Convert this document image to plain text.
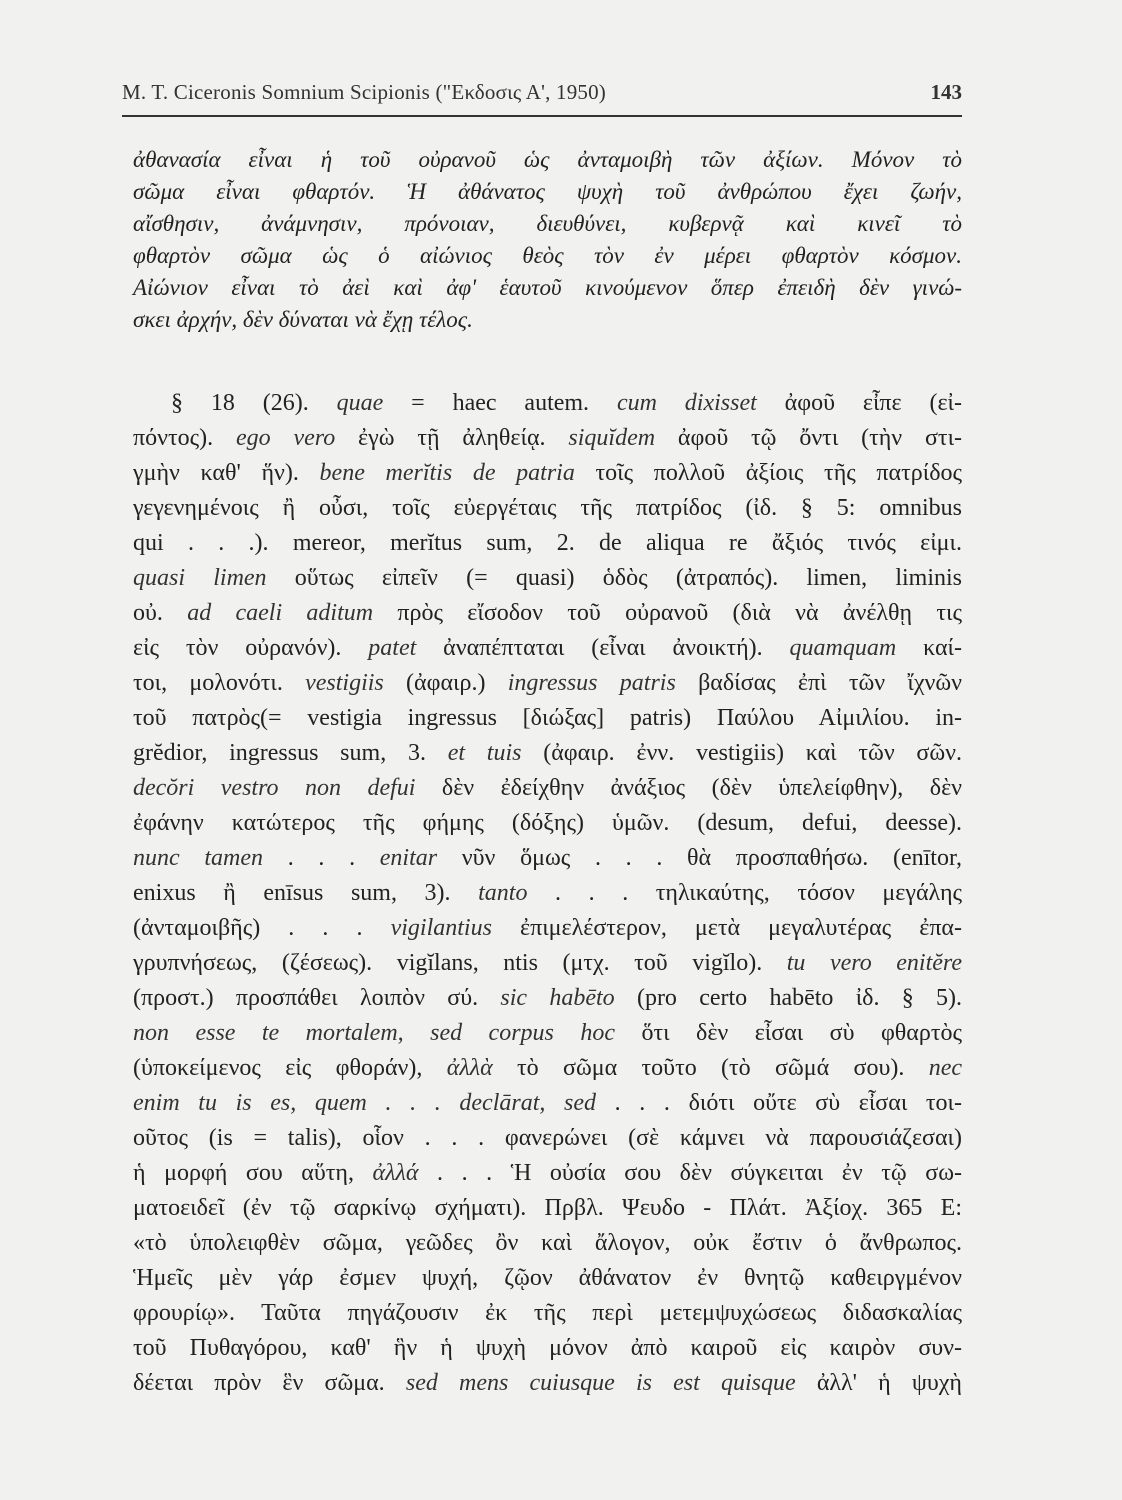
M. T. Ciceronis Somnium Scipionis ("Εκδοσις Α', 1950)	143
ἀθανασία εἶναι ἡ τοῦ οὐρανοῦ ὡς ἀνταμοιβὴ τῶν ἀξίων. Μόνον τὸ
σῶμα εἶναι φθαρτόν. Ἡ ἀθάνατος ψυχὴ τοῦ ἀνθρώπου ἔχει ζωήν,
αἴσθησιν, ἀνάμνησιν, πρόνοιαν, διευθύνει, κυβερνᾷ καὶ κινεῖ τὸ
φθαρτὸν σῶμα ὡς ὁ αἰώνιος θεὸς τὸν ἐν μέρει φθαρτὸν κόσμον.
Αἰώνιον εἶναι τὸ ἀεὶ καὶ ἀφ' ἑαυτοῦ κινούμενον ὅπερ ἐπειδὴ δὲν γινώ-
σκει ἀρχήν, δὲν δύναται νὰ ἔχῃ τέλος.
§ 18 (26). quae = haec autem. cum dixisset ἀφοῦ εἶπε (εἰ-
πόντος). ego vero ἐγὼ τῇ ἀληθείᾳ. siquĭdem ἀφοῦ τῷ ὄντι (τὴν στι-
γμὴν καθ' ἥν). bene merĭtis de patria τοῖς πολλοῦ ἀξίοις τῆς πατρίδος
γεγενημένοις ἢ οὖσι, τοῖς εὐεργέταις τῆς πατρίδος (ἰδ. § 5: omnibus
qui . . .). mereor, merĭtus sum, 2. de aliqua re ἄξιός τινός εἰμι.
quasi limen οὕτως εἰπεῖν (= quasi) ὁδὸς (ἀτραπός). limen, liminis
οὐ. ad caeli aditum πρὸς εἴσοδον τοῦ οὐρανοῦ (διὰ νὰ ἀνέλθῃ τις
εἰς τὸν οὐρανόν). patet ἀναπέπταται (εἶναι ἀνοικτή). quamquam καί-
τοι, μολονότι. vestigiis (ἀφαιρ.) ingressus patris βαδίσας ἐπὶ τῶν ἴχνῶν
τοῦ πατρὸς(= vestigia ingressus [διώξας] patris) Παύλου Αἰμιλίου. in-
grĕdior, ingressus sum, 3. et tuis (ἀφαιρ. ἐνν. vestigiis) καὶ τῶν σῶν.
decŏri vestro non defui δὲν ἐδείχθην ἀνάξιος (δὲν ὑπελείφθην), δὲν
ἐφάνην κατώτερος τῆς φήμης (δόξης) ὑμῶν. (desum, defui, deesse).
nunc tamen . . . enitar νῦν ὅμως . . . θὰ προσπαθήσω. (enītor,
enixus ἢ enīsus sum, 3). tanto . . . τηλικαύτης, τόσον μεγάλης
(ἀνταμοιβῆς) . . . vigilantius ἐπιμελέστερον, μετὰ μεγαλυτέρας ἐπα-
γρυπνήσεως, (ζέσεως). vigĭlans, ntis (μτχ. τοῦ vigĭlo). tu vero enitĕre
(προστ.) προσπάθει λοιπὸν σύ. sic habēto (pro certo habēto ἰδ. § 5).
non esse te mortalem, sed corpus hoc ὅτι δὲν εἶσαι σὺ φθαρτὸς
(ὑποκείμενος εἰς φθοράν), ἀλλὰ τὸ σῶμα τοῦτο (τὸ σῶμά σου). nec
enim tu is es, quem . . . declārat, sed . . . διότι οὔτε σὺ εἶσαι τοι-
οῦτος (is = talis), οἷον . . . φανερώνει (σὲ κάμνει νὰ παρουσιάζεσαι)
ἡ μορφή σου αὕτη, ἀλλά . . . Ἡ οὐσία σου δὲν σύγκειται ἐν τῷ σω-
ματοειδεῖ (ἐν τῷ σαρκίνῳ σχήματι). Πρβλ. Ψευδο - Πλάτ. Ἀξίοχ. 365 E:
«τὸ ὑπολειφθὲν σῶμα, γεῶδες ὂν καὶ ἄλογον, οὐκ ἔστιν ὁ ἄνθρωπος.
Ἡμεῖς μὲν γάρ ἐσμεν ψυχή, ζῷον ἀθάνατον ἐν θνητῷ καθειργμένον
φρουρίῳ». Ταῦτα πηγάζουσιν ἐκ τῆς περὶ μετεμψυχώσεως διδασκαλίας
τοῦ Πυθαγόρου, καθ' ἣν ἡ ψυχὴ μόνον ἀπὸ καιροῦ εἰς καιρὸν συν-
δέεται πρὸν ἓν σῶμα. sed mens cuiusque is est quisque ἀλλ' ἡ ψυχὴ
